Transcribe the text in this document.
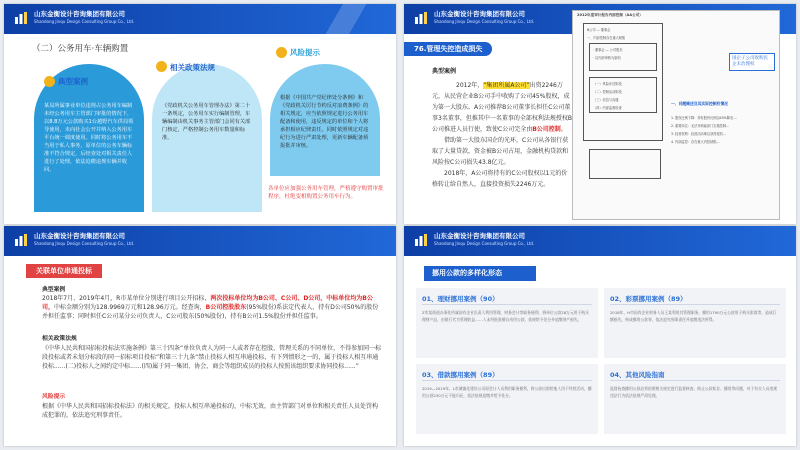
山东金衡设计咨询集团有限公司
Shandong Jinqu Design Consulting Group Co., Ltd.
（二）公务用车·车辆购置
某局所属事业单位违规占公务用车编制未经公务用车主管部门审批的情况下，以8.8万元公款购买1台越野汽车供局领导使用，未向社会公开并纳入公务用车平台统一调度使用。同时将公务用车不当用于私人事务，原单位的公务车辆标准不符合规定，后经查处对相关责任人进行了处理，依法追缴违规车辆并收回。
典型案例
《党政机关公务用车管理办法》第二十一条规定，公务用车实行编制管理，车辆编制由机关事务主管部门会同有关部门核定，严格控制公务用车数量和标准。
相关政策法规
根据《中国共产党纪律处分条例》和《党政机关厉行节约反对浪费条例》的相关规定，应当依照规定进行公务用车配备和使用，违反规定的单位和个人将承担相应纪律责任。同时依照规定对违纪行为进行严肃处理，更新车辆配备须报批并审核。
风险提示
各单位应加强公务用车管理，严格遵守购置审批程序，杜绝变相购置公务用车行为。
山东金衡设计咨询集团有限公司
Shandong Jinqu Design Consulting Group Co., Ltd.
76.管理失控造成损失
典型案例
2012年，“集团所属A公司”出资2246万元，从民营企业B公司手中收购了公司45%股权，成为第一大股东。A公司推荐B公司董事长担任C公司董事3名董事，但推其中一名董事的全部权利法规授权B公司推进人员行使，致使C公司完全由B公司控制。
借助第一大股东国企的光环，C公司从各银行获取了大量贷款，资金被B公司占用，金融机构贷款和风险按C公司损失43.8亿元。
2018年，A公司将持有的C公司股权以1元的价格转让给自然人，直接投资损失2246万元。
2012年度审计报告内部控制（AA公司）
B公司 — 董事会
一、内部控制存在重大缺陷
· 董事会 — 公司股东
· 以内部审核为原则
（一）风险评估阶段
（二）控制活动阶段
（三）信息与沟通
（四）内部监督检查
一、问题概述及其实际控制权情况
1. 股权比例下降：持有股份比例由45%降至....
2. 重要岗位：无法对职能部门实施控制...
3. 经营权利：经营活动难以获得授权...
4. 内部监控：存在重大内控缺陷...
国企子公司收购民企未治理权
山东金衡设计咨询集团有限公司
Shandong Jinqu Design Consulting Group Co., Ltd.
关联单位串通投标
典型案例
2018年7月、2019年4月，R市某单位分别进行项目公开招标，两次投标单位均为B公司、C公司、D公司，中标单位均为B公司，中标金额分别为128.9969万元和128.96万元。经查询，B公司控股股东(95%股份)系法定代表人、持有D公司50%的股份并担任监事；同时担任C公司某分公司负责人，C公司股东(50%股份)，持有B公司1.5%股份并担任监事。
相关政策法规
《中华人民共和国招标投标法实施条例》第三十四条“单位负责人为同一人或者存在控股、管理关系的不同单位，不得参加同一标段投标或者未划分标段的同一招标项目投标”和第三十九条“禁止投标人相互串通投标，有下列情形之一的，属于投标人相互串通投标......(二)投标人之间约定中标......(四)属于同一集团、协会、商会等组织成员的投标人按照该组织要求协同投标......”
风险提示
根据《中华人民共和国招标投标法》的相关规定，投标人相互串通投标的，中标无效，由主管部门对单位和相关责任人员处罚构成犯罪的，依法追究刑事责任。
山东金衡设计咨询集团有限公司
Shandong Jinqu Design Consulting Group Co., Ltd.
挪用公款的多样化形态
01、理财挪用案例（90）
Z市某街道办事处所属国有企业负责人利用管理、财务会计等职务便利，将单位公款28万元用于购买理财产品，由银行代为管理收益……人未经批准擅自动用公款。依规给予处分并追缴财产损失。
02、彩票挪用案例（89）
2018年，H市国有企业财务人员王某利用其管理职务，挪用1790万元公款用于购买彩票等，造成巨额损失，构成挪用公款罪，依法追究刑事责任并追缴违法所得。
03、借款挪用案例（89）
2019—2019年，L市城镇化建设公司原会计人员利用职务便利，将公款出借给他人用于经营活动，挪用公款230万元不能归还，依法依规追缴并给予处分。
04、其他风险指南
监督检查挪用公款必须依照相关规定进行监督核查，防止公款私存、挪用等问题，对于有关人员违规违法行为依法依规严肃处理。
